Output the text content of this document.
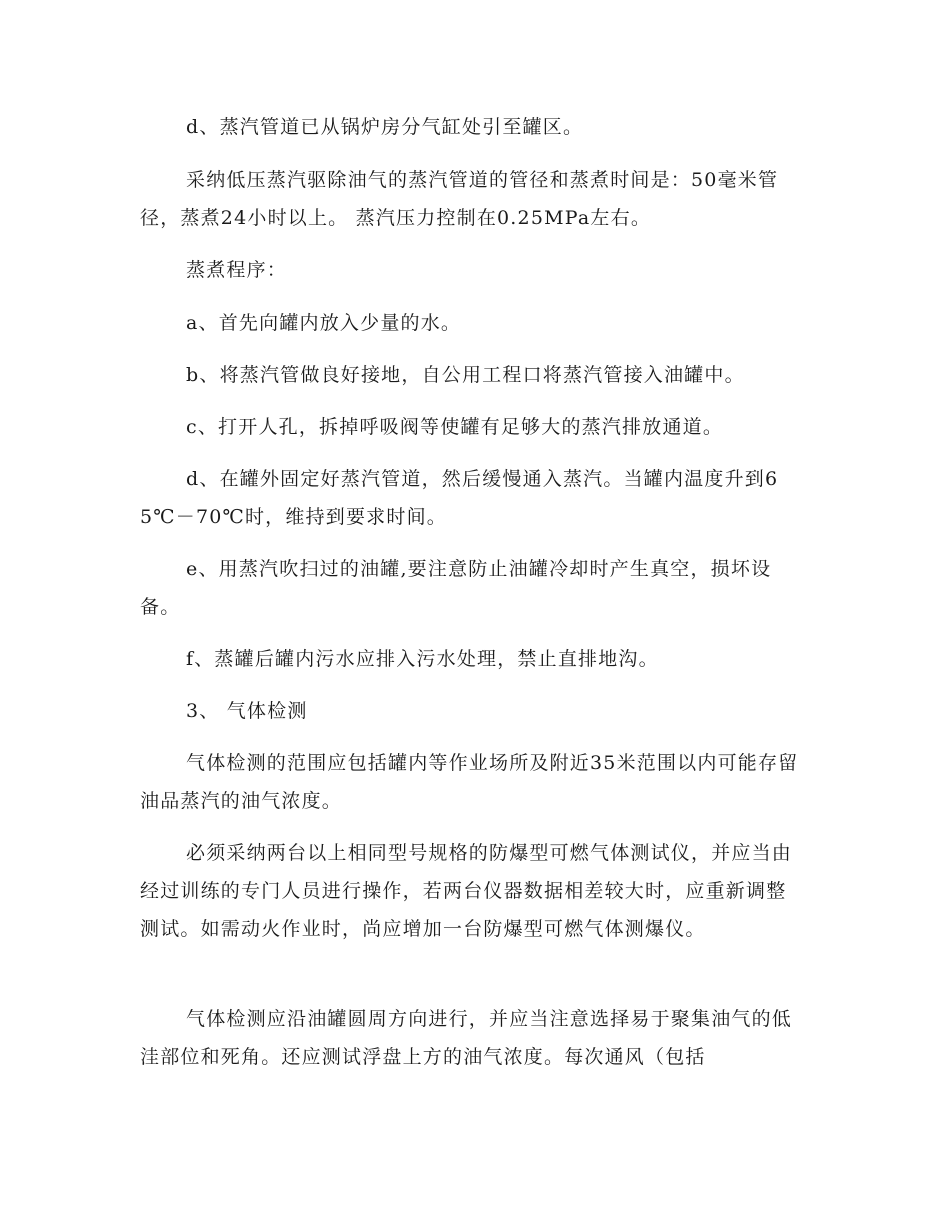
d、蒸汽管道已从锅炉房分气缸处引至罐区。

采纳低压蒸汽驱除油气的蒸汽管道的管径和蒸煮时间是：50毫米管径，蒸煮24小时以上。 蒸汽压力控制在0.25MPa左右。

蒸煮程序：

a、首先向罐内放入少量的水。

b、将蒸汽管做良好接地，自公用工程口将蒸汽管接入油罐中。

c、打开人孔，拆掉呼吸阀等使罐有足够大的蒸汽排放通道。

d、在罐外固定好蒸汽管道，然后缓慢通入蒸汽。当罐内温度升到65℃－70℃时，维持到要求时间。

e、用蒸汽吹扫过的油罐,要注意防止油罐冷却时产生真空，损坏设备。

f、蒸罐后罐内污水应排入污水处理，禁止直排地沟。

3、 气体检测

气体检测的范围应包括罐内等作业场所及附近35米范围以内可能存留油品蒸汽的油气浓度。

必须采纳两台以上相同型号规格的防爆型可燃气体测试仪，并应当由经过训练的专门人员进行操作，若两台仪器数据相差较大时，应重新调整测试。如需动火作业时，尚应增加一台防爆型可燃气体测爆仪。

气体检测应沿油罐圆周方向进行，并应当注意选择易于聚集油气的低洼部位和死角。还应测试浮盘上方的油气浓度。每次通风（包括
